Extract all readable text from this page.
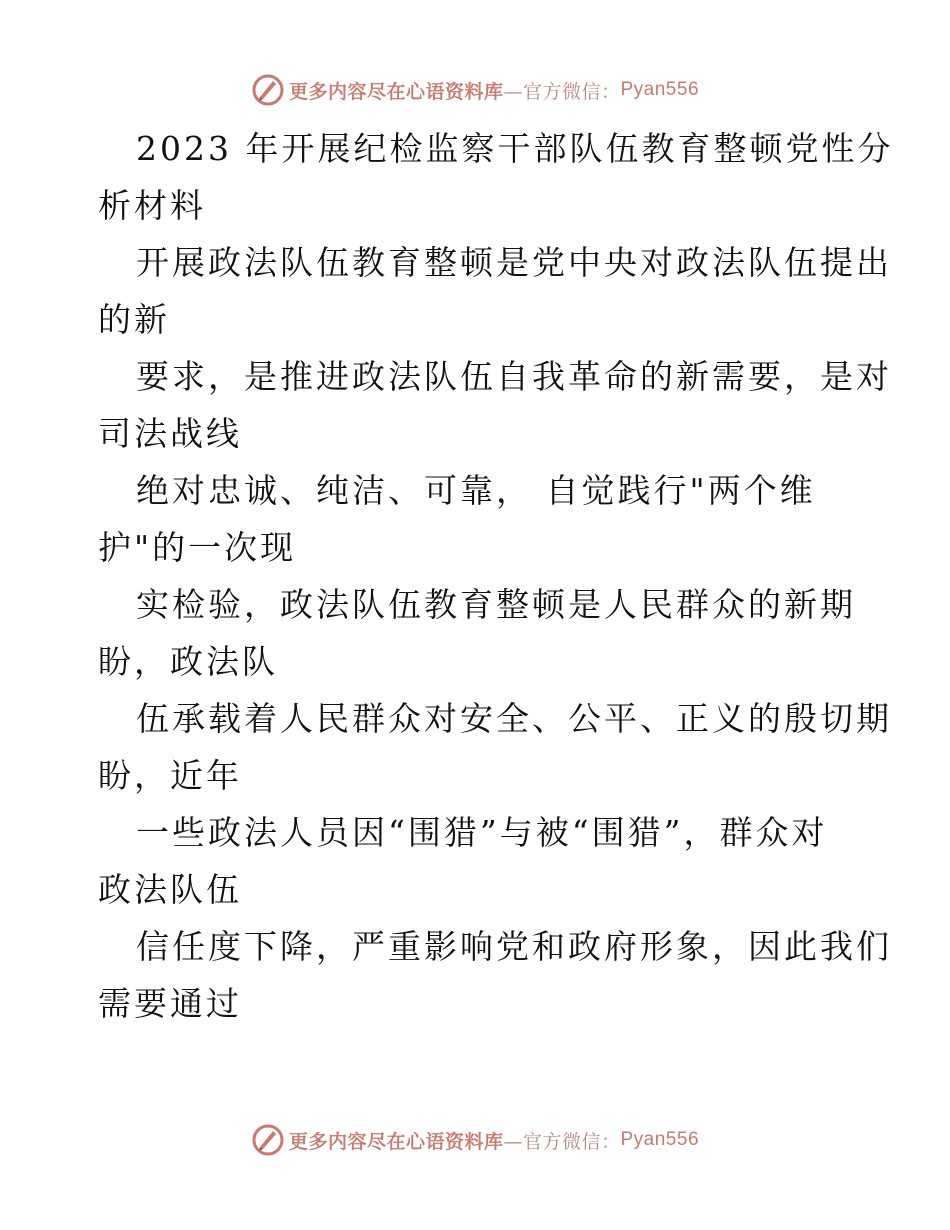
更多内容尽在心语资料库 —官方微信： Pyan556
2023 年开展纪检监察干部队伍教育整顿党性分
析材料
开展政法队伍教育整顿是党中央对政法队伍提出
的新
要求，是推进政法队伍自我革命的新需要，是对
司法战线
绝对忠诚、纯洁、可靠， 自觉践行"两个维
护"的一次现
实检验，政法队伍教育整顿是人民群众的新期
盼，政法队
伍承载着人民群众对安全、公平、正义的殷切期
盼，近年
一些政法人员因“围猎”与被“围猎”，群众对
政法队伍
信任度下降，严重影响党和政府形象，因此我们
需要通过
更多内容尽在心语资料库 —官方微信： Pyan556
